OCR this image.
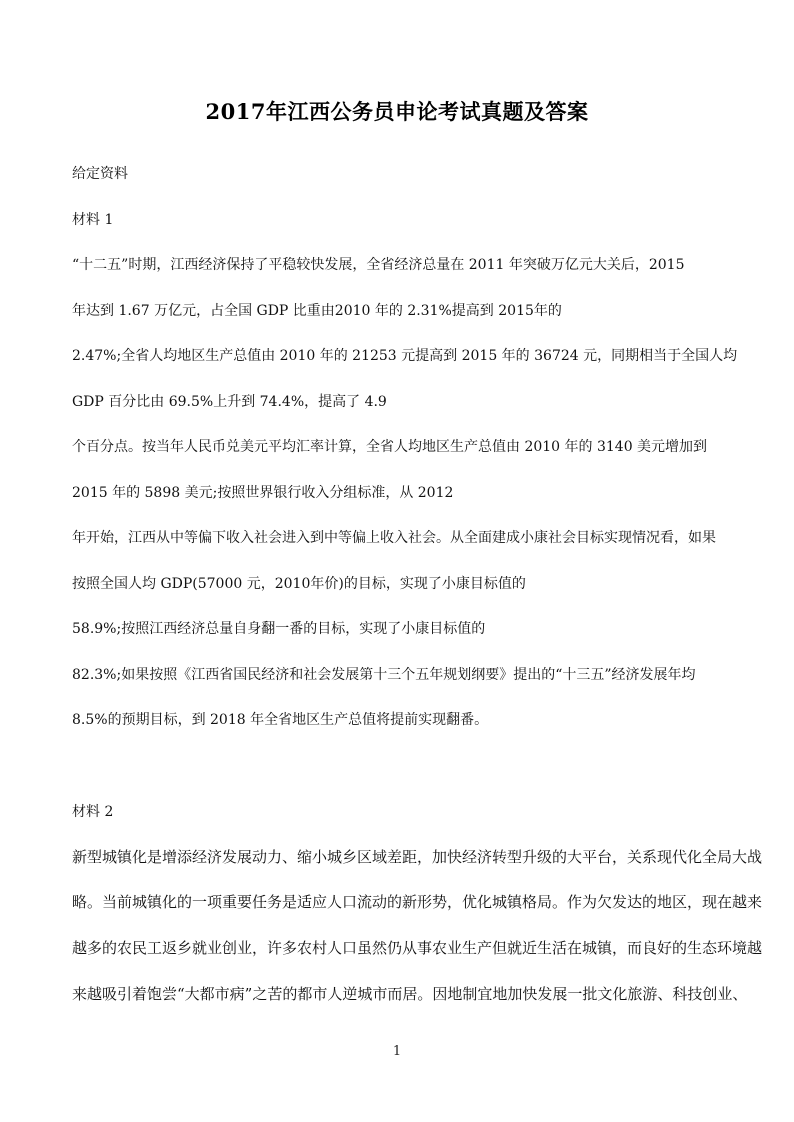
2017年江西公务员申论考试真题及答案
给定资料
材料 1
“十二五”时期，江西经济保持了平稳较快发展，全省经济总量在 2011 年突破万亿元大关后，2015
年达到 1.67 万亿元，占全国 GDP 比重由2010 年的 2.31%提高到 2015年的
2.47%;全省人均地区生产总值由 2010 年的 21253 元提高到 2015 年的 36724 元，同期相当于全国人均
GDP 百分比由 69.5%上升到 74.4%，提高了 4.9
个百分点。按当年人民币兑美元平均汇率计算，全省人均地区生产总值由 2010 年的 3140 美元增加到
2015 年的 5898 美元;按照世界银行收入分组标准，从 2012
年开始，江西从中等偏下收入社会进入到中等偏上收入社会。从全面建成小康社会目标实现情况看，如果
按照全国人均 GDP(57000 元，2010年价)的目标，实现了小康目标值的
58.9%;按照江西经济总量自身翻一番的目标，实现了小康目标值的
82.3%;如果按照《江西省国民经济和社会发展第十三个五年规划纲要》提出的“十三五”经济发展年均
8.5%的预期目标，到 2018 年全省地区生产总值将提前实现翻番。
材料 2
新型城镇化是增添经济发展动力、缩小城乡区域差距，加快经济转型升级的大平台，关系现代化全局大战
略。当前城镇化的一项重要任务是适应人口流动的新形势，优化城镇格局。作为欠发达的地区，现在越来
越多的农民工返乡就业创业，许多农村人口虽然仍从事农业生产但就近生活在城镇，而良好的生态环境越
来越吸引着饱尝“大都市病”之苦的都市人逆城市而居。因地制宜地加快发展一批文化旅游、科技创业、
1
